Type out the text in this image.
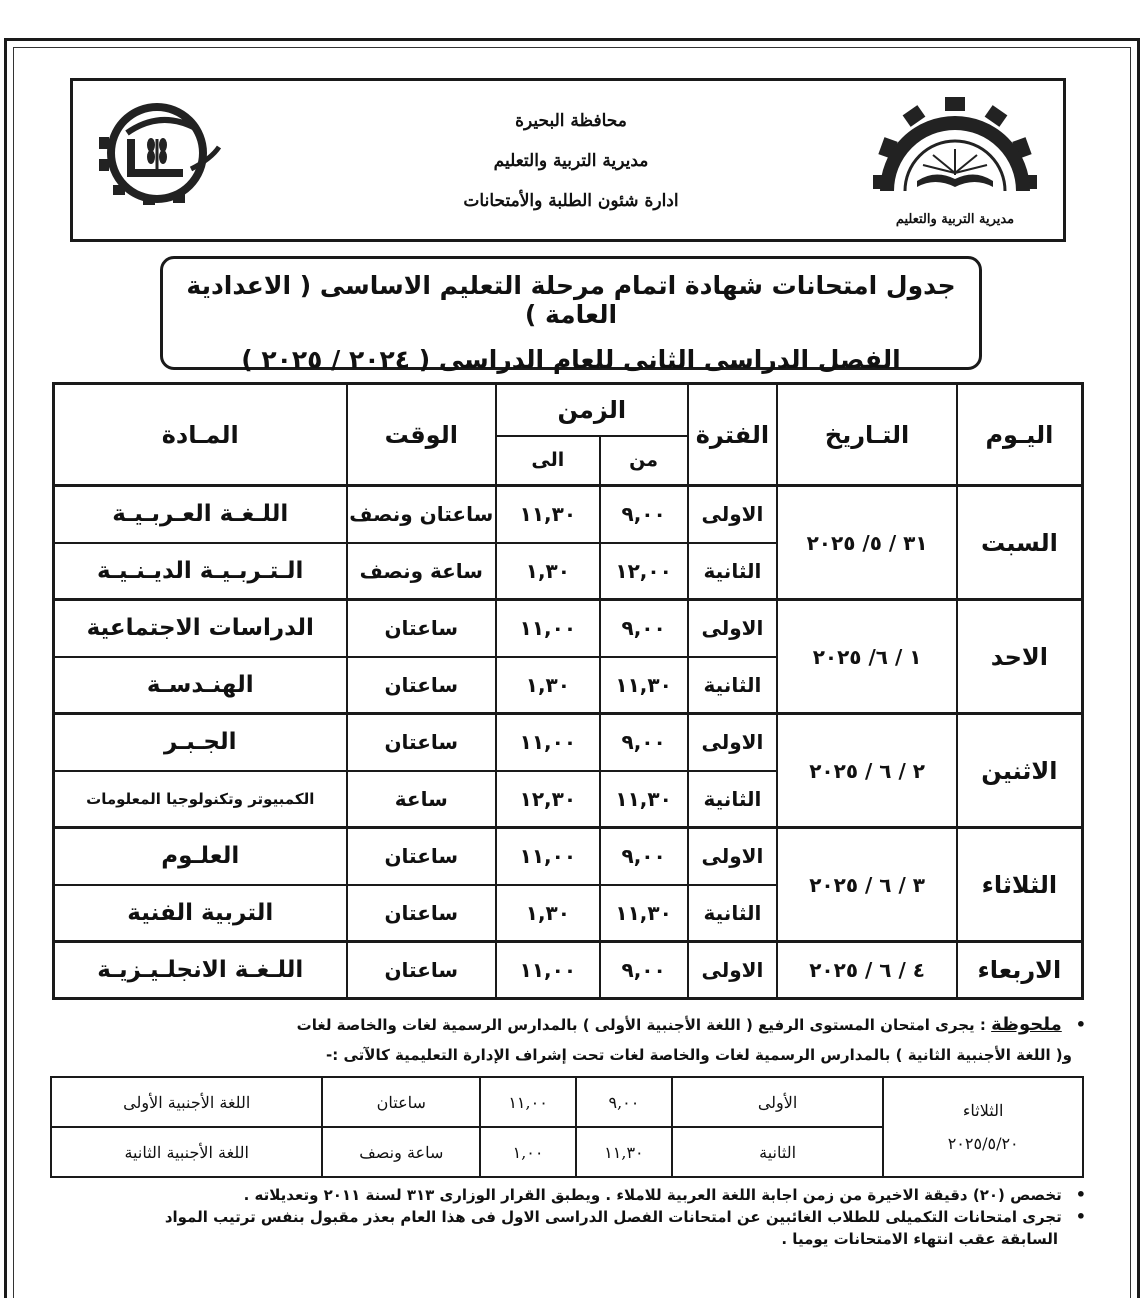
محافظة البحيرة
مديرية التربية والتعليم
ادارة شئون الطلبة والأمتحانات
مديرية التربية والتعليم
جدول امتحانات شهادة اتمام مرحلة التعليم الاساسى ( الاعدادية العامة )
الفصل الدراسى الثانى للعام الدراسى ( ٢٠٢٤ / ٢٠٢٥ )
اليـوم	التـاريخ	الفترة	الزمن		الوقت	المـادة
			من	الى		
السبت	٣١ / ٥/ ٢٠٢٥	الاولى	٩,٠٠	١١,٣٠	ساعتان ونصف	اللـغـة العـربـيـة
		الثانية	١٢,٠٠	١,٣٠	ساعة ونصف	الـتـربـيـة الديـنـيـة
الاحد	١ / ٦/ ٢٠٢٥	الاولى	٩,٠٠	١١,٠٠	ساعتان	الدراسات الاجتماعية
		الثانية	١١,٣٠	١,٣٠	ساعتان	الهنـدسـة
الاثنين	٢ / ٦ / ٢٠٢٥	الاولى	٩,٠٠	١١,٠٠	ساعتان	الجـبـر
		الثانية	١١,٣٠	١٢,٣٠	ساعة	الكمبيوتر وتكنولوجيا المعلومات
الثلاثاء	٣ / ٦ / ٢٠٢٥	الاولى	٩,٠٠	١١,٠٠	ساعتان	العلـوم
		الثانية	١١,٣٠	١,٣٠	ساعتان	التربية الفنية
الاربعاء	٤ / ٦ / ٢٠٢٥	الاولى	٩,٠٠	١١,٠٠	ساعتان	اللـغـة الانجلـيـزيـة
• ملحوظة : يجرى امتحان المستوى الرفيع ( اللغة الأجنبية الأولى ) بالمدارس الرسمية لغات والخاصة لغات
و( اللغة الأجنبية الثانية ) بالمدارس الرسمية لغات والخاصة لغات تحت إشراف الإدارة التعليمية كالآتى :-
الثلاثاء
٢٠٢٥/٥/٢٠	الأولى	٩,٠٠	١١,٠٠	ساعتان	اللغة الأجنبية الأولى
	الثانية	١١,٣٠	١,٠٠	ساعة ونصف	اللغة الأجنبية الثانية
• تخصص (٢٠) دقيقة الاخيرة من زمن اجابة اللغة العربية للاملاء . ويطبق القرار الوزارى ٣١٣ لسنة ٢٠١١ وتعديلاته .
• تجرى امتحانات التكميلى للطلاب الغائبين عن امتحانات الفصل الدراسى الاول فى هذا العام بعذر مقبول بنفس ترتيب المواد
السابقة عقب انتهاء الامتحانات يوميا .
